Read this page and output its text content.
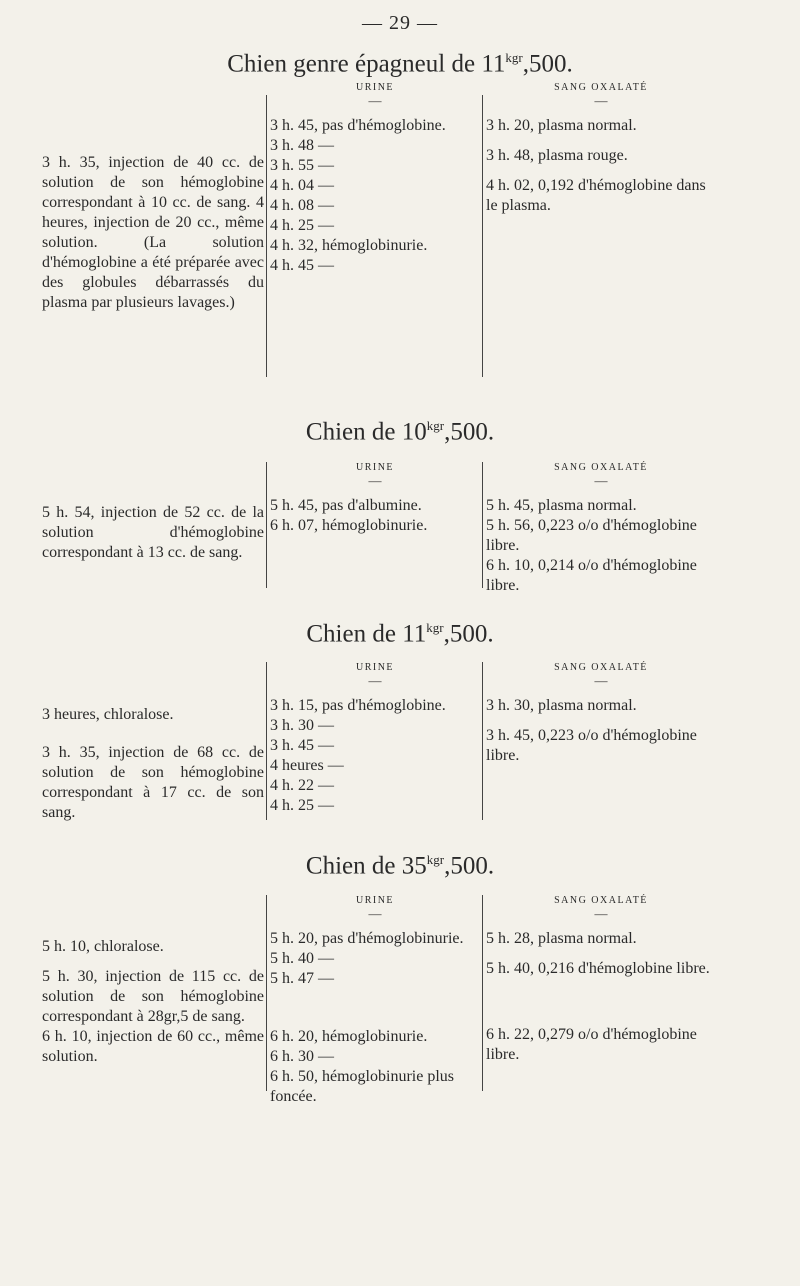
— 29 —
Chien genre épagneul de $11^{kgr},500$.
3 h. 35, injection de 40 cc. de solution de son hémoglobine correspondant à 10 cc. de sang. 4 heures, injection de 20 cc., même solution. (La solution d'hémoglobine a été préparée avec des globules débarrassés du plasma par plusieurs lavages.)
URINE
—
3 h. 45, pas d'hémoglobine.
3 h. 48 —
3 h. 55 —
4 h. 04 —
4 h. 08 —
4 h. 25 —
4 h. 32, hémoglobinurie.
4 h. 45 —
SANG OXALATÉ
—
3 h. 20, plasma normal.
3 h. 48, plasma rouge.
4 h. 02, 0,192 d'hémoglobine dans le plasma.
Chien de $10^{kgr},500$.
5 h. 54, injection de 52 cc. de la solution d'hémoglobine correspondant à 13 cc. de sang.
URINE
—
5 h. 45, pas d'albumine.
6 h. 07, hémoglobinurie.
SANG OXALATÉ
—
5 h. 45, plasma normal.
5 h. 56, 0,223 o/o d'hémoglobine libre.
6 h. 10, 0,214 o/o d'hémoglobine libre.
Chien de $11^{kgr},500$.
3 heures, chloralose.
3 h. 35, injection de 68 cc. de solution de son hémoglobine correspondant à 17 cc. de son sang.
URINE
—
3 h. 15, pas d'hémoglobine.
3 h. 30 —
3 h. 45 —
4 heures —
4 h. 22 —
4 h. 25 —
SANG OXALATÉ
—
3 h. 30, plasma normal.
3 h. 45, 0,223 o/o d'hémoglobine libre.
Chien de $35^{kgr},500$.
5 h. 10, chloralose.
5 h. 30, injection de 115 cc. de solution de son hémoglobine correspondant à 28gr,5 de sang.
6 h. 10, injection de 60 cc., même solution.
URINE
—
5 h. 20, pas d'hémoglobinurie.
5 h. 40 —
5 h. 47 —
6 h. 20, hémoglobinurie.
6 h. 30 —
6 h. 50, hémoglobinurie plus foncée.
SANG OXALATÉ
—
5 h. 28, plasma normal.
5 h. 40, 0,216 d'hémoglobine libre.
6 h. 22, 0,279 o/o d'hémoglobine libre.
